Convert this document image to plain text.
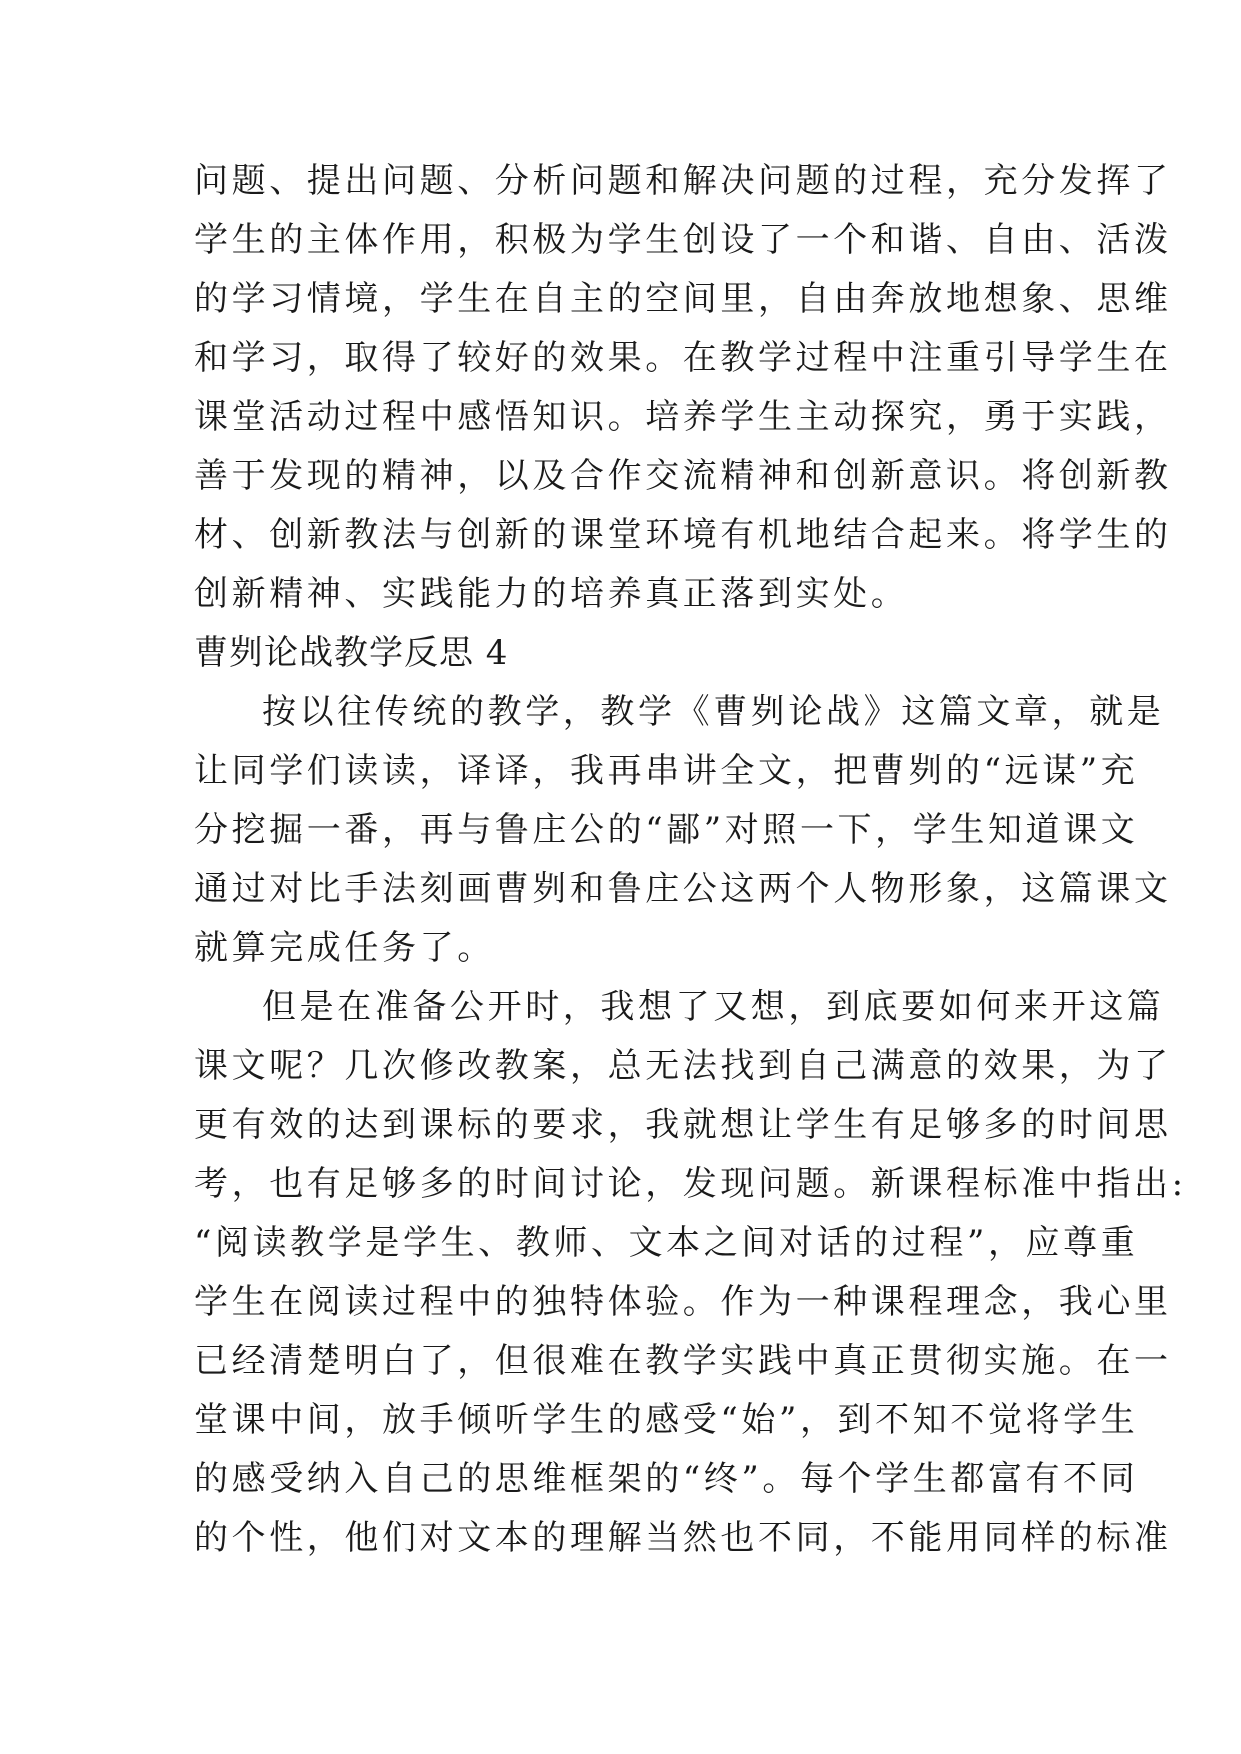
问题、提出问题、分析问题和解决问题的过程，充分发挥了
学生的主体作用，积极为学生创设了一个和谐、自由、活泼
的学习情境，学生在自主的空间里，自由奔放地想象、思维
和学习，取得了较好的效果。在教学过程中注重引导学生在
课堂活动过程中感悟知识。培养学生主动探究，勇于实践，
善于发现的精神，以及合作交流精神和创新意识。将创新教
材、创新教法与创新的课堂环境有机地结合起来。将学生的
创新精神、实践能力的培养真正落到实处。
曹刿论战教学反思 4
按以往传统的教学，教学《曹刿论战》这篇文章，就是
让同学们读读，译译，我再串讲全文，把曹刿的“远谋”充
分挖掘一番，再与鲁庄公的“鄙”对照一下，学生知道课文
通过对比手法刻画曹刿和鲁庄公这两个人物形象，这篇课文
就算完成任务了。
但是在准备公开时，我想了又想，到底要如何来开这篇
课文呢？几次修改教案，总无法找到自己满意的效果，为了
更有效的达到课标的要求，我就想让学生有足够多的时间思
考，也有足够多的时间讨论，发现问题。新课程标准中指出:
“阅读教学是学生、教师、文本之间对话的过程”，应尊重
学生在阅读过程中的独特体验。作为一种课程理念，我心里
已经清楚明白了，但很难在教学实践中真正贯彻实施。在一
堂课中间，放手倾听学生的感受“始”，到不知不觉将学生
的感受纳入自己的思维框架的“终”。每个学生都富有不同
的个性，他们对文本的理解当然也不同，不能用同样的标准
